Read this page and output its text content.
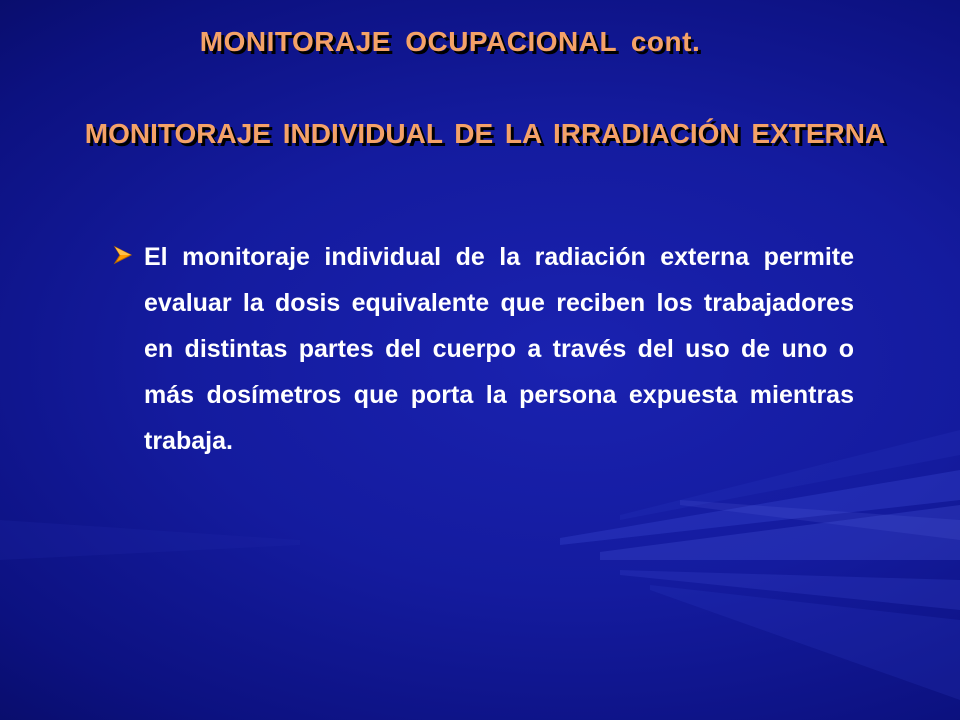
MONITORAJE OCUPACIONAL cont.
MONITORAJE INDIVIDUAL DE LA IRRADIACIÓN EXTERNA

El monitoraje individual de la radiación externa permite evaluar la dosis equivalente que reciben los trabajadores en distintas partes del cuerpo a través del uso de uno o más dosímetros que porta la persona expuesta mientras trabaja.
